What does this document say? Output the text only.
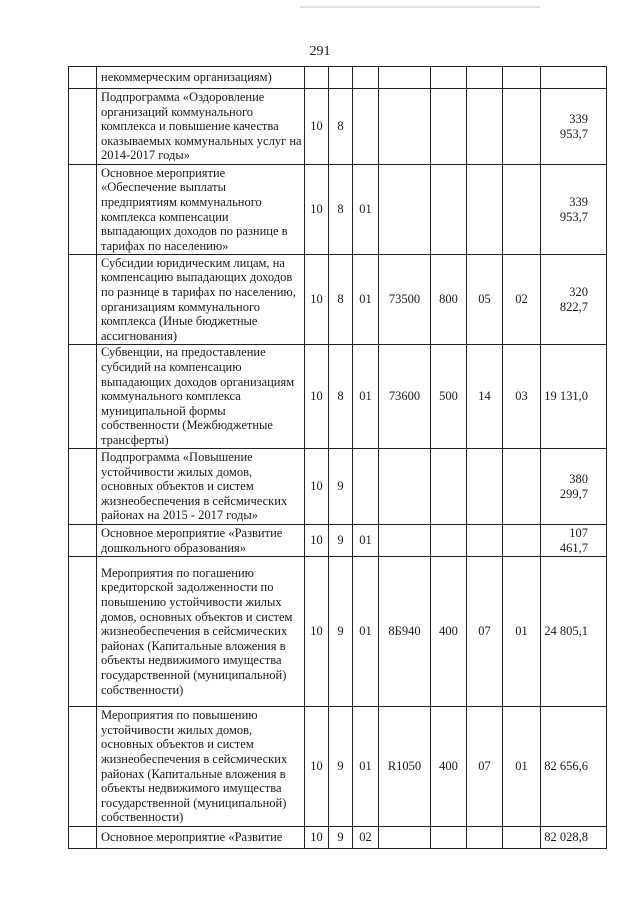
291
	некоммерческим организациям)								
	Подпрограмма «Оздоровление организаций коммунального комплекса и повышение качества оказываемых коммунальных услуг на 2014-2017 годы»	10	8						339 953,7
	Основное мероприятие «Обеспечение выплаты предприятиям коммунального комплекса компенсации выпадающих доходов по разнице в тарифах по населению»	10	8	01					339 953,7
	Субсидии юридическим лицам, на компенсацию выпадающих доходов по разнице в тарифах по населению, организациям коммунального комплекса (Иные бюджетные ассигнования)	10	8	01	73500	800	05	02	320 822,7
	Субвенции, на предоставление субсидий на компенсацию выпадающих доходов организациям коммунального комплекса муниципальной формы собственности (Межбюджетные трансферты)	10	8	01	73600	500	14	03	19 131,0
	Подпрограмма «Повышение устойчивости жилых домов, основных объектов и систем жизнеобеспечения в сейсмических районах на 2015 - 2017 годы»	10	9						380 299,7
	Основное мероприятие «Развитие дошкольного образования»	10	9	01					107 461,7
	Мероприятия по погашению кредиторской задолженности по повышению устойчивости жилых домов, основных объектов и систем жизнеобеспечения в сейсмических районах (Капитальные вложения в объекты недвижимого имущества государственной (муниципальной) собственности)	10	9	01	8Б940	400	07	01	24 805,1
	Мероприятия по повышению устойчивости жилых домов, основных объектов и систем жизнеобеспечения в сейсмических районах (Капитальные вложения в объекты недвижимого имущества государственной (муниципальной) собственности)	10	9	01	R1050	400	07	01	82 656,6
	Основное мероприятие «Развитие	10	9	02					82 028,8
